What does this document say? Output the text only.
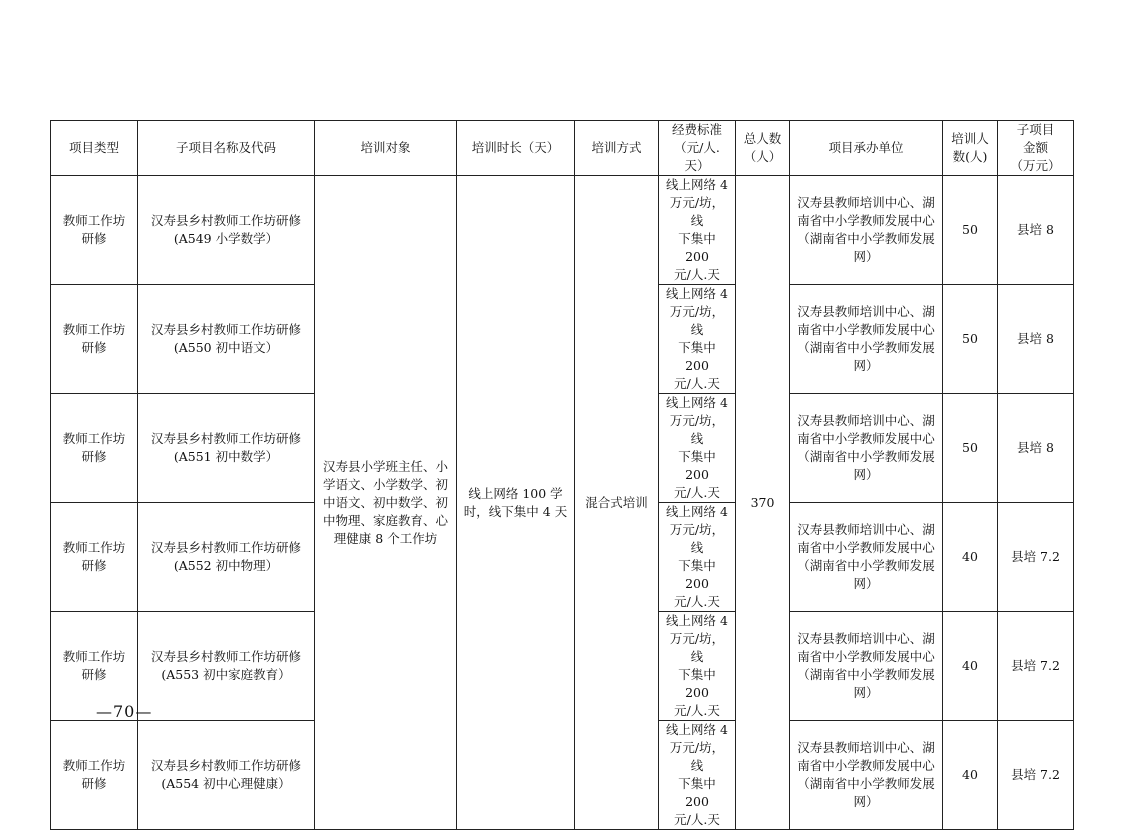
项目类型	子项目名称及代码	培训对象	培训时长（天）	培训方式	经费标准
（元/人.
天）	总人数
（人）	项目承办单位	培训人
数(人)	子项目
金额
（万元）
教师工作坊研修	汉寿县乡村教师工作坊研修
(A549 小学数学）	汉寿县小学班主任、小学语文、小学数学、初中语文、初中数学、初中物理、家庭教育、心理健康 8 个工作坊	线上网络 100 学时，线下集中 4 天	混合式培训	线上网络 4
万元/坊，线
下集中 200
元/人.天	370	汉寿县教师培训中心、湖南省中小学教师发展中心（湖南省中小学教师发展网）	50	县培 8
教师工作坊研修	汉寿县乡村教师工作坊研修
(A550 初中语文）				线上网络 4
万元/坊，线
下集中 200
元/人.天		汉寿县教师培训中心、湖南省中小学教师发展中心（湖南省中小学教师发展网）	50	县培 8
教师工作坊研修	汉寿县乡村教师工作坊研修
(A551 初中数学）				线上网络 4
万元/坊，线
下集中 200
元/人.天		汉寿县教师培训中心、湖南省中小学教师发展中心（湖南省中小学教师发展网）	50	县培 8
教师工作坊研修	汉寿县乡村教师工作坊研修
(A552 初中物理）				线上网络 4
万元/坊，线
下集中 200
元/人.天		汉寿县教师培训中心、湖南省中小学教师发展中心（湖南省中小学教师发展网）	40	县培 7.2
教师工作坊研修	汉寿县乡村教师工作坊研修
(A553 初中家庭教育）				线上网络 4
万元/坊，线
下集中 200
元/人.天		汉寿县教师培训中心、湖南省中小学教师发展中心（湖南省中小学教师发展网）	40	县培 7.2
教师工作坊研修	汉寿县乡村教师工作坊研修
(A554 初中心理健康）				线上网络 4
万元/坊，线
下集中 200
元/人.天		汉寿县教师培训中心、湖南省中小学教师发展中心（湖南省中小学教师发展网）	40	县培 7.2
—70—
